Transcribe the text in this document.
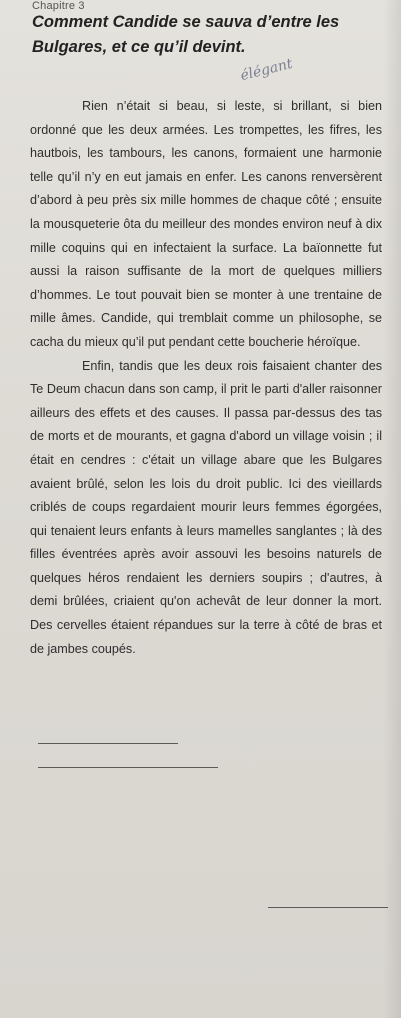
Chapitre 3
Comment Candide se sauva d’entre les Bulgares, et ce qu’il devint.
élégant

Rien n’était si beau, si leste, si brillant, si bien ordonné que les deux armées. Les trompettes, les fifres, les hautbois, les tambours, les canons, formaient une harmonie telle qu’il n’y en eut jamais en enfer. Les canons renversèrent d’abord à peu près six mille hommes de chaque côté ; ensuite la mousqueterie ôta du meilleur des mondes environ neuf à dix mille coquins qui en infectaient la surface. La baïonnette fut aussi la raison suffisante de la mort de quelques milliers d’hommes. Le tout pouvait bien se monter à une trentaine de mille âmes. Candide, qui tremblait comme un philosophe, se cacha du mieux qu’il put pendant cette boucherie héroïque.

Enfin, tandis que les deux rois faisaient chanter des Te Deum chacun dans son camp, il prit le parti d'aller raisonner ailleurs des effets et des causes. Il passa par-dessus des tas de morts et de mourants, et gagna d'abord un village voisin ; il était en cendres : c'était un village abare que les Bulgares avaient brûlé, selon les lois du droit public. Ici des vieillards criblés de coups regardaient mourir leurs femmes égorgées, qui tenaient leurs enfants à leurs mamelles sanglantes ; là des filles éventrées après avoir assouvi les besoins naturels de quelques héros rendaient les derniers soupirs ; d'autres, à demi brûlées, criaient qu'on achevât de leur donner la mort. Des cervelles étaient répandues sur la terre à côté de bras et de jambes coupés.
